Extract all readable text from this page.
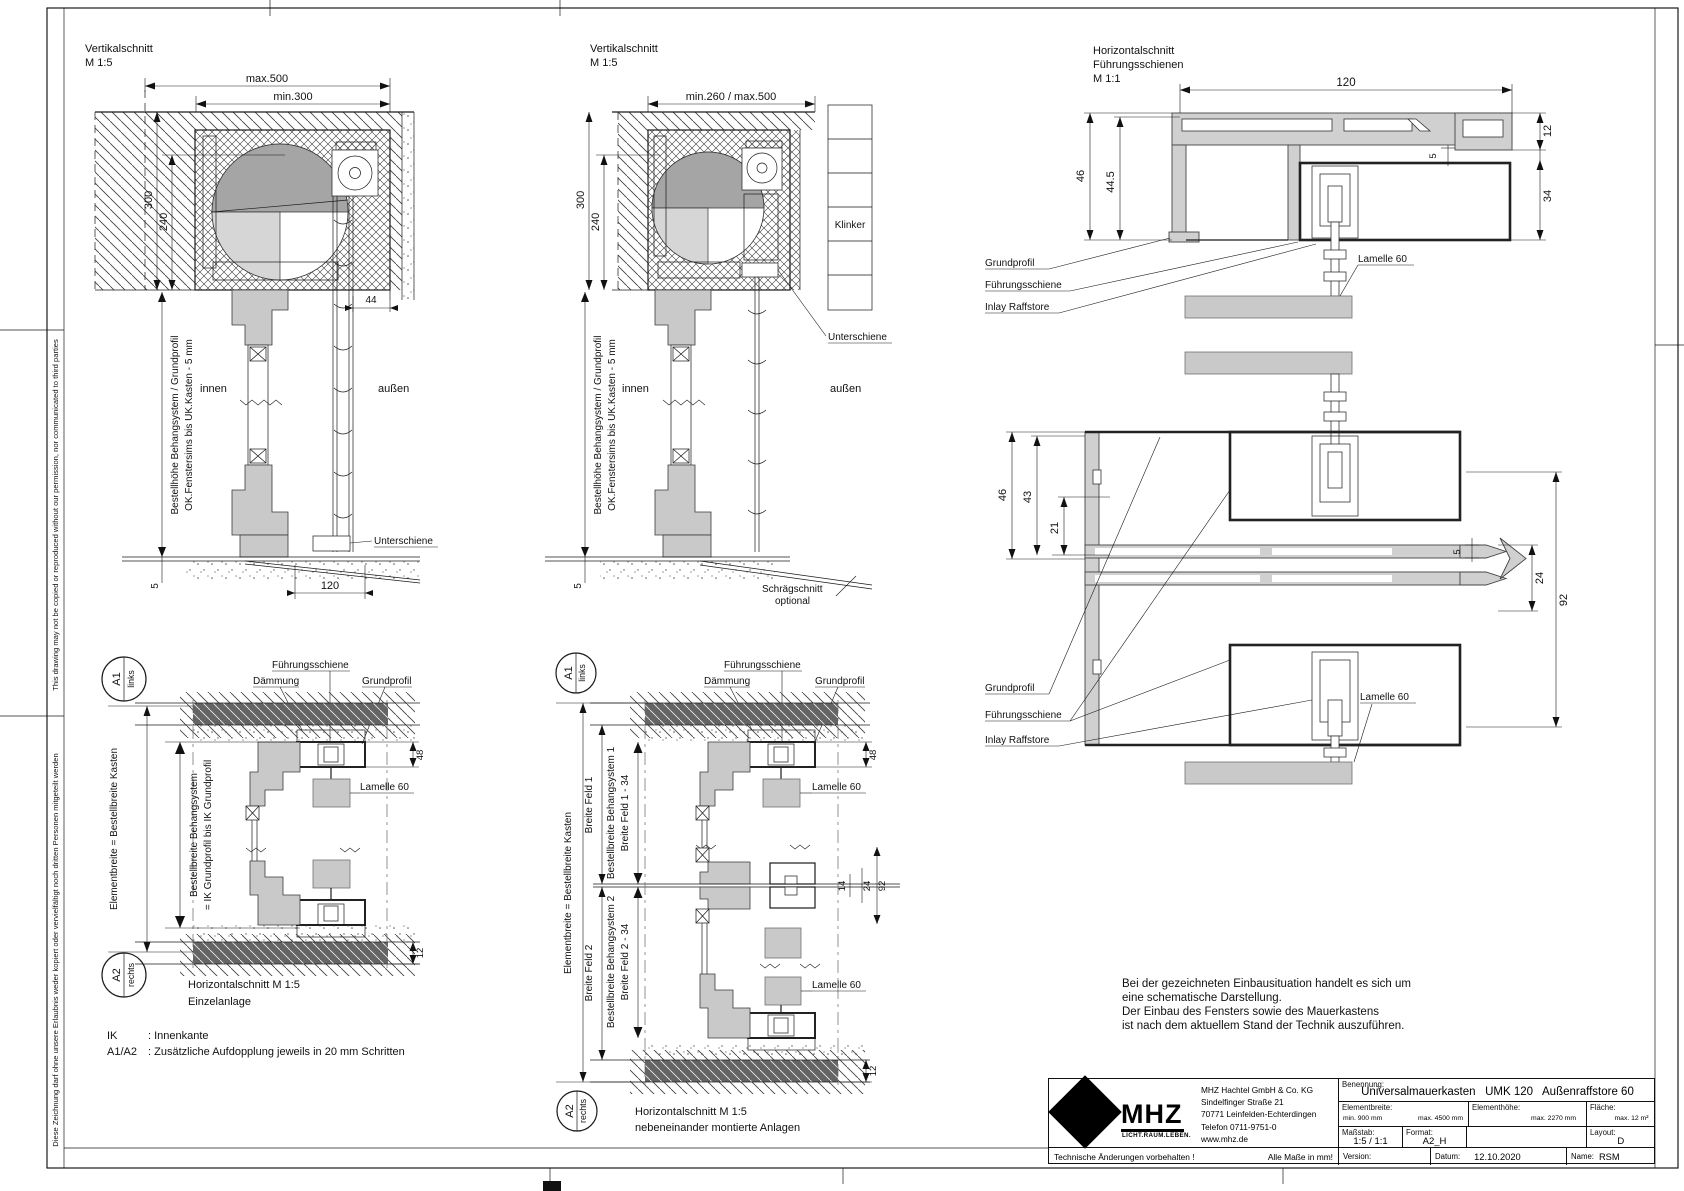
Diese Zeichnung darf ohne unsere Erlaubnis weder kopiert oder vervielfältigt noch dritten Personen mitgeteilt werden
This drawing may not be copied or reproduced without our permission, nor communicated to third parties
Vertikalschnitt
M 1:5
Unterschiene
max.500
min.300
300
240
44
Bestellhöhe Behangsystem / Grundprofil OK.Fenstersims bis UK.Kasten - 5 mm
5	120
innen	außen
Vertikalschnitt
M 1:5
Klinker
Unterschiene
Schrägschnitt
optional
min.260 / max.500
300
240
Bestellhöhe Behangsystem / Grundprofil OK.Fenstersims bis UK.Kasten - 5 mm
5
innen	außen
Horizontalschnitt
Führungsschienen
M 1:1	120
46 44.5
5
12
34
Grundprofil
Führungsschiene
Inlay Raffstore
Lamelle 60
46 43
21
5
24
92
Grundprofil
Führungsschiene
Inlay Raffstore
Lamelle 60
A1 links
Führungsschiene
Dämmung	Grundprofil
Elementbreite = Bestellbreite Kasten	Bestellbreite Behangsystem = IK Grundprofil bis IK Grundprofil
48
12
Lamelle 60
A2 rechts	Horizontalschnitt M 1:5
Einzelanlage
IK	: Innenkante
A1/A2 : Zusätzliche Aufdopplung jeweils in 20 mm Schritten
A1 links	Führungsschiene
Dämmung	Grundprofil
Elementbreite = Bestellbreite Kasten
Breite Feld 1 Bestellbreite Behangsystem 1 Breite Feld 1 - 34
Breite Feld 2 Bestellbreite Behangsystem 2 Breite Feld 2 - 34
48
14 24 92
12
Lamelle 60
Lamelle 60
A2 rechts	Horizontalschnitt M 1:5
nebeneinander montierte Anlagen
Bei der gezeichneten Einbausituation handelt es sich um
eine schematische Darstellung.
Der Einbau des Fensters sowie des Mauerkastens
ist nach dem aktuellem Stand der Technik auszuführen.
MHZ
LICHT.RAUM.LEBEN.
MHZ Hachtel GmbH & Co. KG
Sindelfinger Straße 21
70771 Leinfelden-Echterdingen
Telefon 0711-9751-0
www.mhz.de
Technische Änderungen vorbehalten !	Alle Maße in mm!
Benennung:
Universalmauerkasten   UMK 120   Außenraffstore 60
Elementbreite:
min. 900 mm	max. 4500 mm
Elementhöhe:
max. 2270 mm
Fläche:
max. 12 m²
Maßstab:
1:5 / 1:1
Format:
A2_H
Layout:
D
Version:	Datum: 12.10.2020	Name: RSM
